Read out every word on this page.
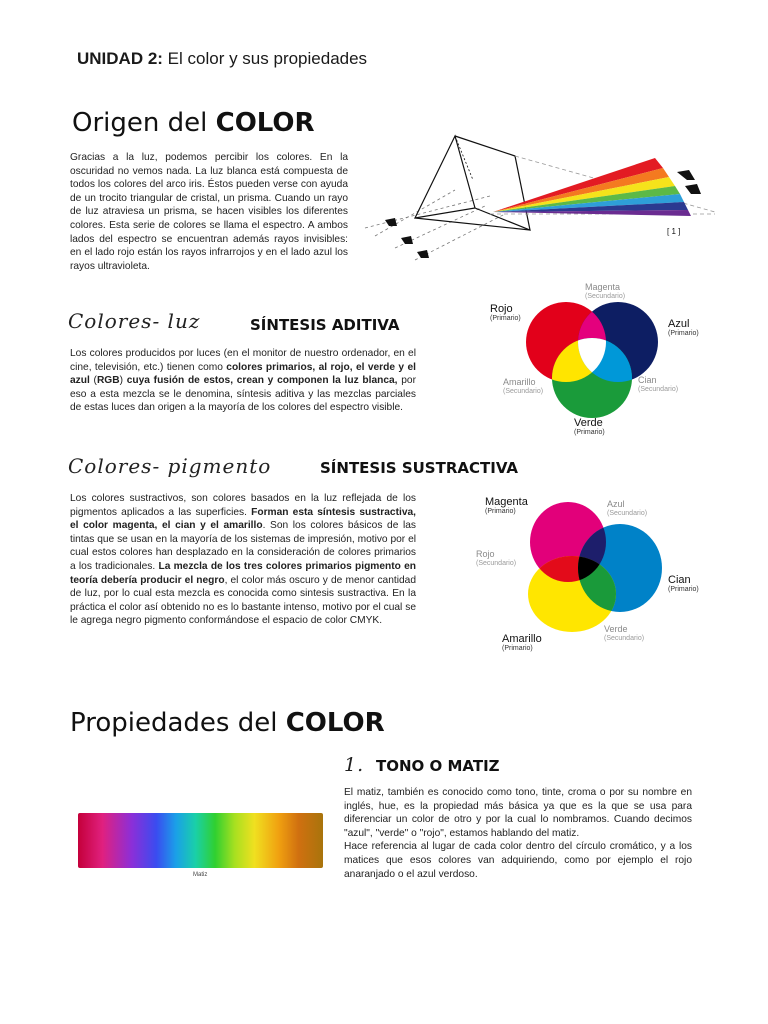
UNIDAD 2: El color y sus propiedades
Origen del COLOR
Gracias a la luz, podemos percibir los colores. En la oscuridad no vemos nada. La luz blanca está compuesta de todos los colores del arco iris. Éstos pueden verse con ayuda de un trocito triangular de cristal, un prisma. Cuando un rayo de luz atraviesa un prisma, se hacen visibles los diferentes colores. Esta serie de colores se llama el espectro. A ambos lados del espectro se encuentran además rayos invisibles: en el lado rojo están los rayos infrarrojos y en el lado azul los rayos ultravioleta.
[ 1 ]
Colores- luz	SÍNTESIS ADITIVA
Los colores producidos por luces (en el monitor de nuestro ordenador, en el cine, televisión, etc.) tienen como colores primarios, al rojo, el verde y el azul (RGB) cuya fusión de estos, crean y componen la luz blanca, por eso a esta mezcla se le denomina, síntesis aditiva y las mezclas parciales de estas luces dan origen a la mayoría de los colores del espectro visible.
Rojo
(Primario)
Magenta
(Secundario)
Azul
(Primario)
Amarillo
(Secundario)
Cian
(Secundario)
Verde
(Primario)
Colores- pigmento	SÍNTESIS SUSTRACTIVA
Los colores sustractivos, son colores basados en la luz reflejada de los pigmentos aplicados a las superficies. Forman esta síntesis sustractiva, el color magenta, el cian y el amarillo. Son los colores básicos de las tintas que se usan en la mayoría de los sistemas de impresión, motivo por el cual estos colores han desplazado en la consideración de colores primarios a los tradicionales. La mezcla de los tres colores primarios pigmento en teoría debería producir el negro, el color más oscuro y de menor cantidad de luz, por lo cual esta mezcla es conocida como sintesis sustractiva. En la práctica el color así obtenido no es lo bastante intenso, motivo por el cual se le agrega negro pigmento conformándose el espacio de color CMYK.
Magenta
(Primario)
Azul
(Secundario)
Rojo
(Secundario)
Cian
(Primario)
Verde
(Secundario)
Amarillo
(Primario)
Propiedades del COLOR
1. TONO O MATIZ
El matiz, también es conocido como tono, tinte, croma o por su nombre en inglés, hue, es la propiedad más básica ya que es la que se usa para diferenciar un color de otro y por la cual lo nombramos. Cuando decimos "azul", "verde" o "rojo", estamos hablando del matiz.
Hace referencia al lugar de cada color dentro del círculo cromático, y a los matices que esos colores van adquiriendo, como por ejemplo el rojo anaranjado o el azul verdoso.
Matiz
